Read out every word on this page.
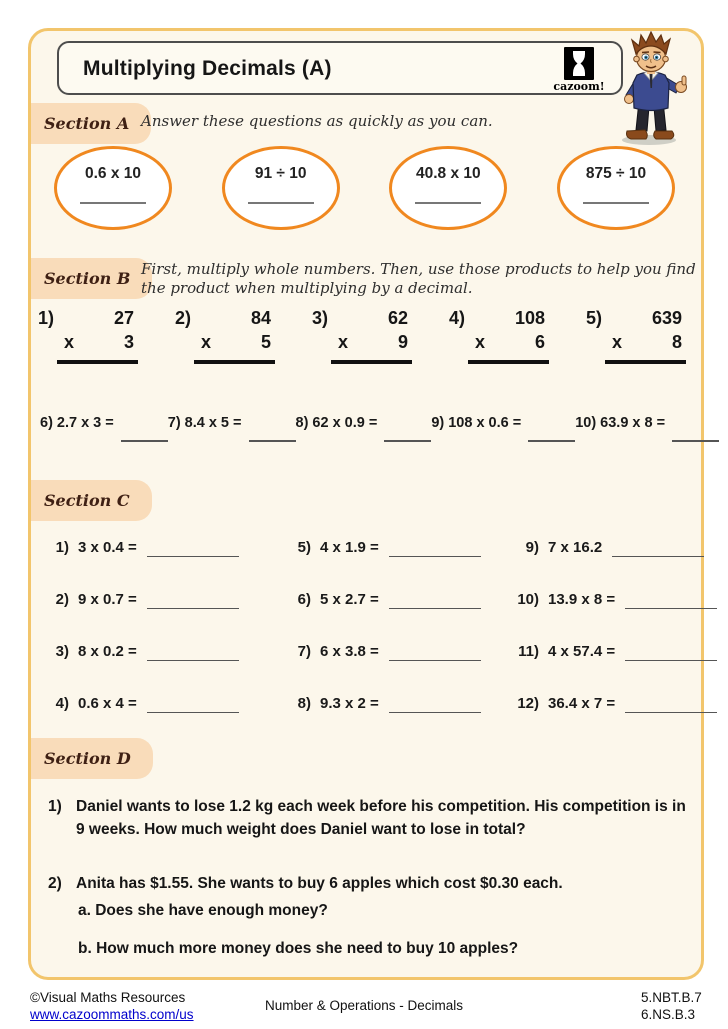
Multiplying Decimals (A)
cazoom!
Section A Answer these questions as quickly as you can.
0.6 x 10	91 ÷ 10	40.8 x 10	875 ÷ 10
Section B First, multiply whole numbers. Then, use those products to help you find
the product when multiplying by a decimal.
1)	27
x	3
2)	84
x	5
3)	62
x	9
4)	108
x	6
5)	639
x	8
6) 2.7 x 3 =	7) 8.4 x 5 =	8) 62 x 0.9 =	9) 108 x 0.6 =	10) 63.9 x 8 =
Section C
1) 3 x 0.4 =
2) 9 x 0.7 =
3) 8 x 0.2 =
4) 0.6 x 4 =
5) 4 x 1.9 =
6) 5 x 2.7 =
7) 6 x 3.8 =
8) 9.3 x 2 =
9) 7 x 16.2
10) 13.9 x 8 =
11) 4 x 57.4 =
12) 36.4 x 7 =
Section D
1) Daniel wants to lose 1.2 kg each week before his competition. His competition is in 9 weeks. How much weight does Daniel want to lose in total?
2) Anita has $1.55. She wants to buy 6 apples which cost $0.30 each.
a. Does she have enough money?
b. How much more money does she need to buy 10 apples?
©Visual Maths Resources
www.cazoommaths.com/us
Number & Operations - Decimals
5.NBT.B.7
6.NS.B.3
